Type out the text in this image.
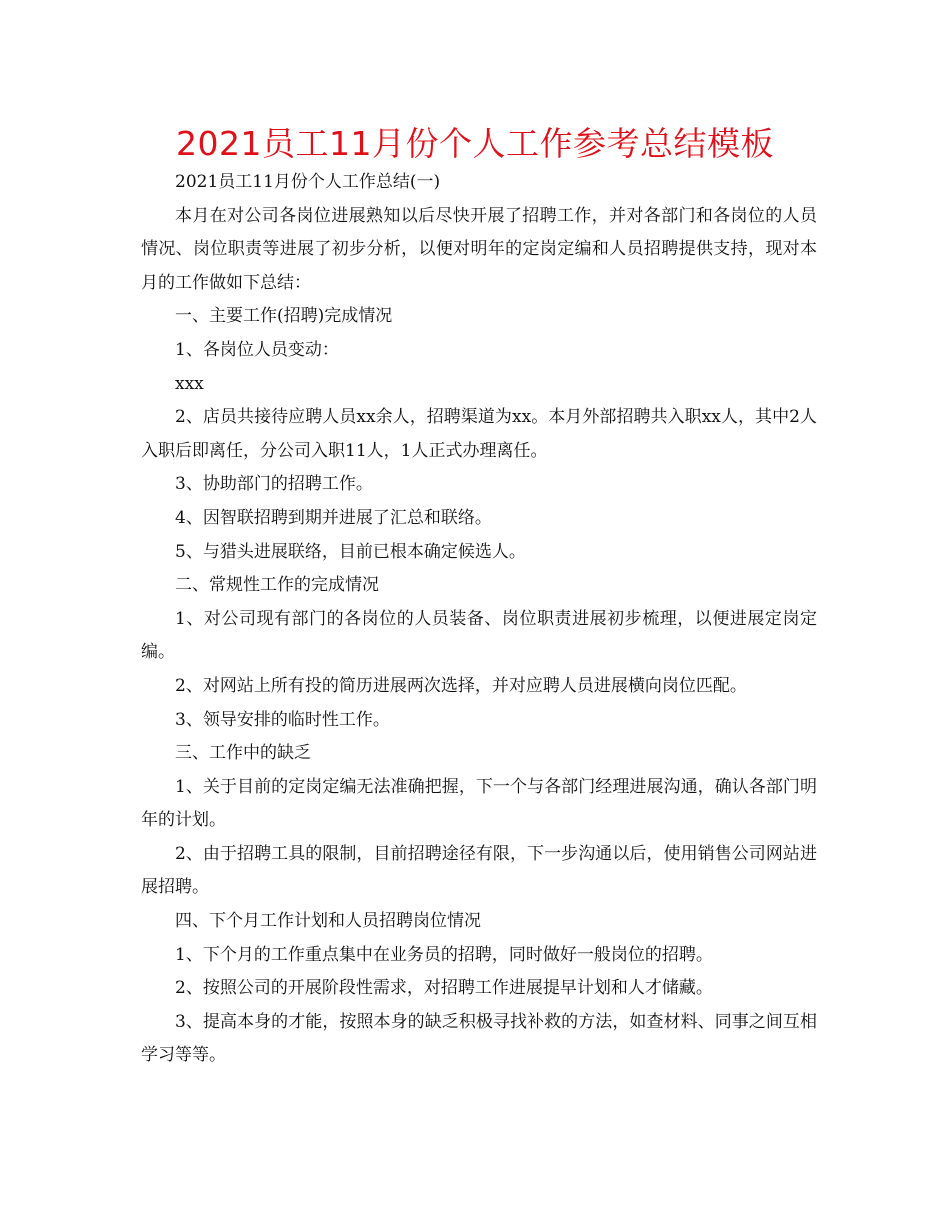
2021员工11月份个人工作参考总结模板

2021员工11月份个人工作总结(一)

本月在对公司各岗位进展熟知以后尽快开展了招聘工作，并对各部门和各岗位的人员情况、岗位职责等进展了初步分析，以便对明年的定岗定编和人员招聘提供支持，现对本月的工作做如下总结：

一、主要工作(招聘)完成情况

1、各岗位人员变动：

xxx

2、店员共接待应聘人员xx余人，招聘渠道为xx。本月外部招聘共入职xx人，其中2人入职后即离任，分公司入职11人，1人正式办理离任。

3、协助部门的招聘工作。

4、因智联招聘到期并进展了汇总和联络。

5、与猎头进展联络，目前已根本确定候选人。

二、常规性工作的完成情况

1、对公司现有部门的各岗位的人员装备、岗位职责进展初步梳理，以便进展定岗定编。

2、对网站上所有投的简历进展两次选择，并对应聘人员进展横向岗位匹配。

3、领导安排的临时性工作。

三、工作中的缺乏

1、关于目前的定岗定编无法准确把握，下一个与各部门经理进展沟通，确认各部门明年的计划。

2、由于招聘工具的限制，目前招聘途径有限，下一步沟通以后，使用销售公司网站进展招聘。

四、下个月工作计划和人员招聘岗位情况

1、下个月的工作重点集中在业务员的招聘，同时做好一般岗位的招聘。

2、按照公司的开展阶段性需求，对招聘工作进展提早计划和人才储藏。

3、提高本身的才能，按照本身的缺乏积极寻找补救的方法，如查材料、同事之间互相学习等等。
